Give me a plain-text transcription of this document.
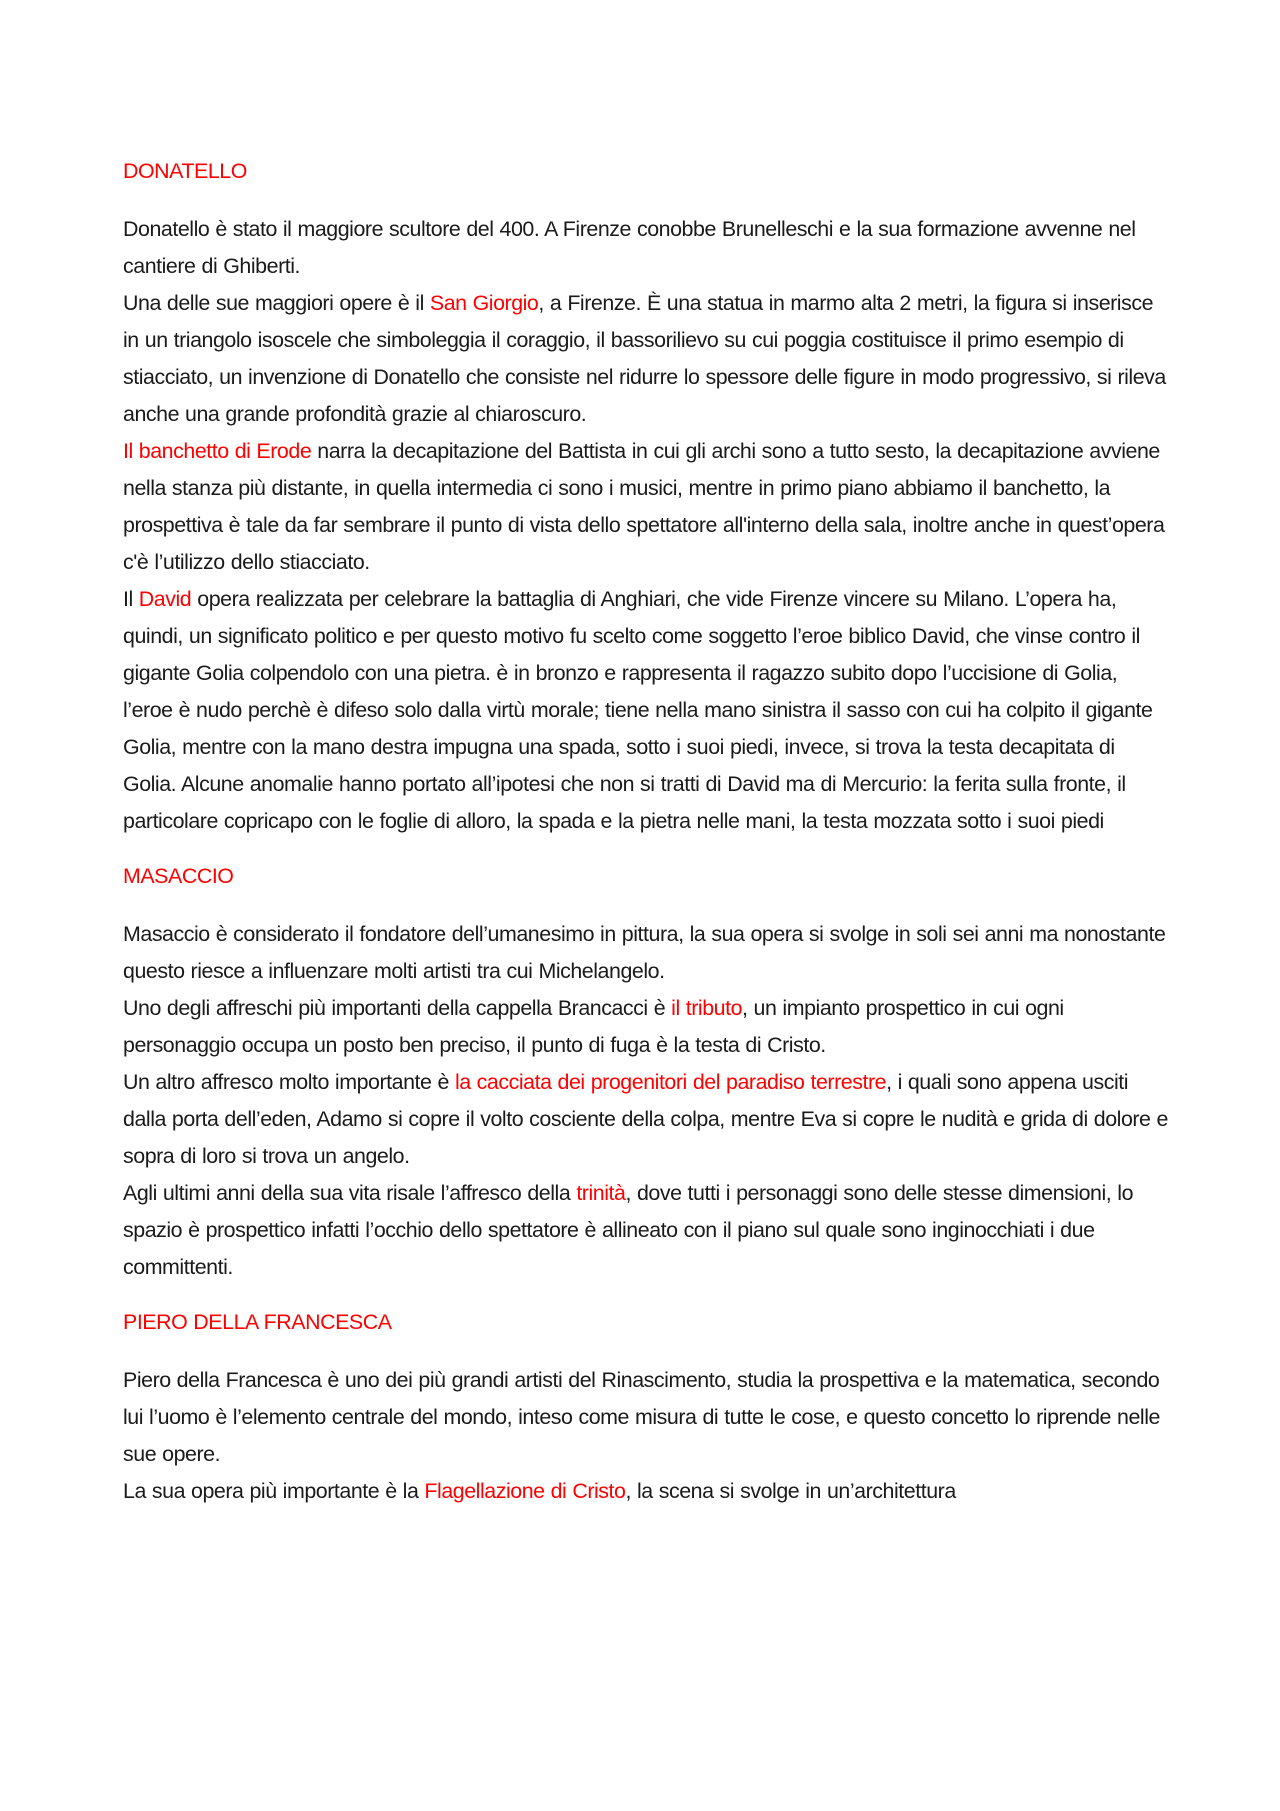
DONATELLO

Donatello è stato il maggiore scultore del 400. A Firenze conobbe Brunelleschi e la sua formazione avvenne nel cantiere di Ghiberti.

Una delle sue maggiori opere è il San Giorgio, a Firenze. È una statua in marmo alta 2 metri, la figura si inserisce in un triangolo isoscele che simboleggia il coraggio, il bassorilievo su cui poggia costituisce il primo esempio di stiacciato, un invenzione di Donatello che consiste nel ridurre lo spessore delle figure in modo progressivo, si rileva anche una grande profondità grazie al chiaroscuro.

Il banchetto di Erode narra la decapitazione del Battista in cui gli archi sono a tutto sesto, la decapitazione avviene nella stanza più distante, in quella intermedia ci sono i musici, mentre in primo piano abbiamo il banchetto, la prospettiva è tale da far sembrare il punto di vista dello spettatore all'interno della sala, inoltre anche in quest’opera c'è l’utilizzo dello stiacciato.

Il David opera realizzata per celebrare la battaglia di Anghiari, che vide Firenze vincere su Milano. L’opera ha, quindi, un significato politico e per questo motivo fu scelto come soggetto l’eroe biblico David, che vinse contro il gigante Golia colpendolo con una pietra. è in bronzo e rappresenta il ragazzo subito dopo l’uccisione di Golia, l’eroe è nudo perchè è difeso solo dalla virtù morale; tiene nella mano sinistra il sasso con cui ha colpito il gigante Golia, mentre con la mano destra impugna una spada, sotto i suoi piedi, invece, si trova la testa decapitata di Golia. Alcune anomalie hanno portato all’ipotesi che non si tratti di David ma di Mercurio: la ferita sulla fronte, il particolare copricapo con le foglie di alloro, la spada e la pietra nelle mani, la testa mozzata sotto i suoi piedi

MASACCIO

Masaccio è considerato il fondatore dell’umanesimo in pittura, la sua opera si svolge in soli sei anni ma nonostante questo riesce a influenzare molti artisti tra cui Michelangelo.

Uno degli affreschi più importanti della cappella Brancacci è il tributo, un impianto prospettico in cui ogni personaggio occupa un posto ben preciso, il punto di fuga è la testa di Cristo.

Un altro affresco molto importante è la cacciata dei progenitori del paradiso terrestre, i quali sono appena usciti dalla porta dell’eden, Adamo si copre il volto cosciente della colpa, mentre Eva si copre le nudità e grida di dolore e sopra di loro si trova un angelo.

Agli ultimi anni della sua vita risale l’affresco della trinità, dove tutti i personaggi sono delle stesse dimensioni, lo spazio è prospettico infatti l’occhio dello spettatore è allineato con il piano sul quale sono inginocchiati i due committenti.

PIERO DELLA FRANCESCA

Piero della Francesca è uno dei più grandi artisti del Rinascimento, studia la prospettiva e la matematica, secondo lui l’uomo è l’elemento centrale del mondo, inteso come misura di tutte le cose, e questo concetto lo riprende nelle sue opere.

La sua opera più importante è la Flagellazione di Cristo, la scena si svolge in un’architettura
